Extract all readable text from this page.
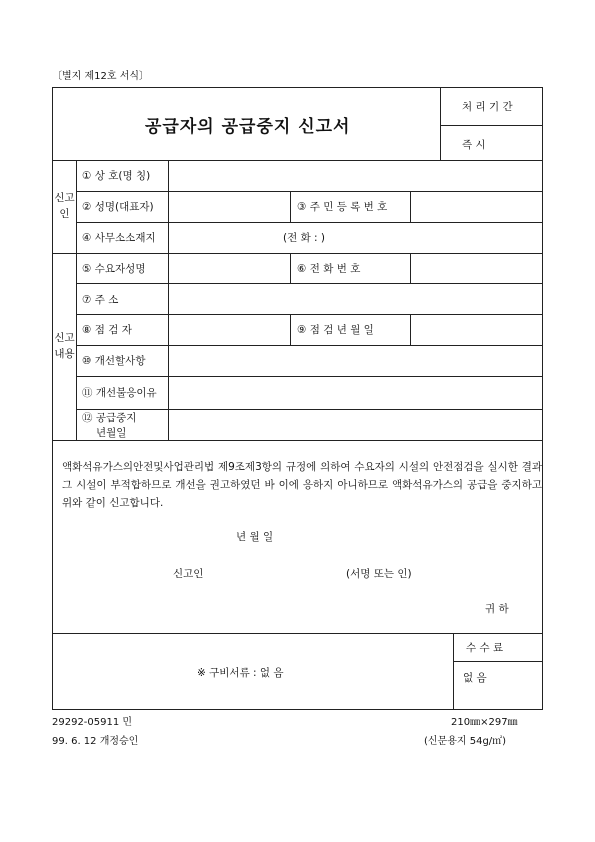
〔별지 제12호 서식〕
공급자의 공급중지 신고서
처 리 기 간
즉 시
신고
인
신고
내용
① 상 호(명 칭)
② 성명(대표자)	③ 주 민 등 록 번 호
④ 사무소소재지	(전 화 : )
⑤ 수요자성명	⑥ 전 화 번 호
⑦ 주 소
⑧ 점 검 자	⑨ 점 검 년 월 일
⑩ 개선할사항
⑪ 개선불응이유
⑫ 공급중지
년월일
액화석유가스의안전및사업관리법 제9조제3항의 규정에 의하여 수요자의 시설의 안전점검을 실시한 결과 그 시설이 부적합하므로 개선을 권고하였던 바 이에 응하지 아니하므로 액화석유가스의 공급을 중지하고 위와 같이 신고합니다.
년 월 일
신고인	(서명 또는 인)
귀 하
※ 구비서류 : 없 음
수 수 료
없 음
29292-05911 민
99. 6. 12 개정승인
210㎜×297㎜
(신문용지 54g/㎡)
